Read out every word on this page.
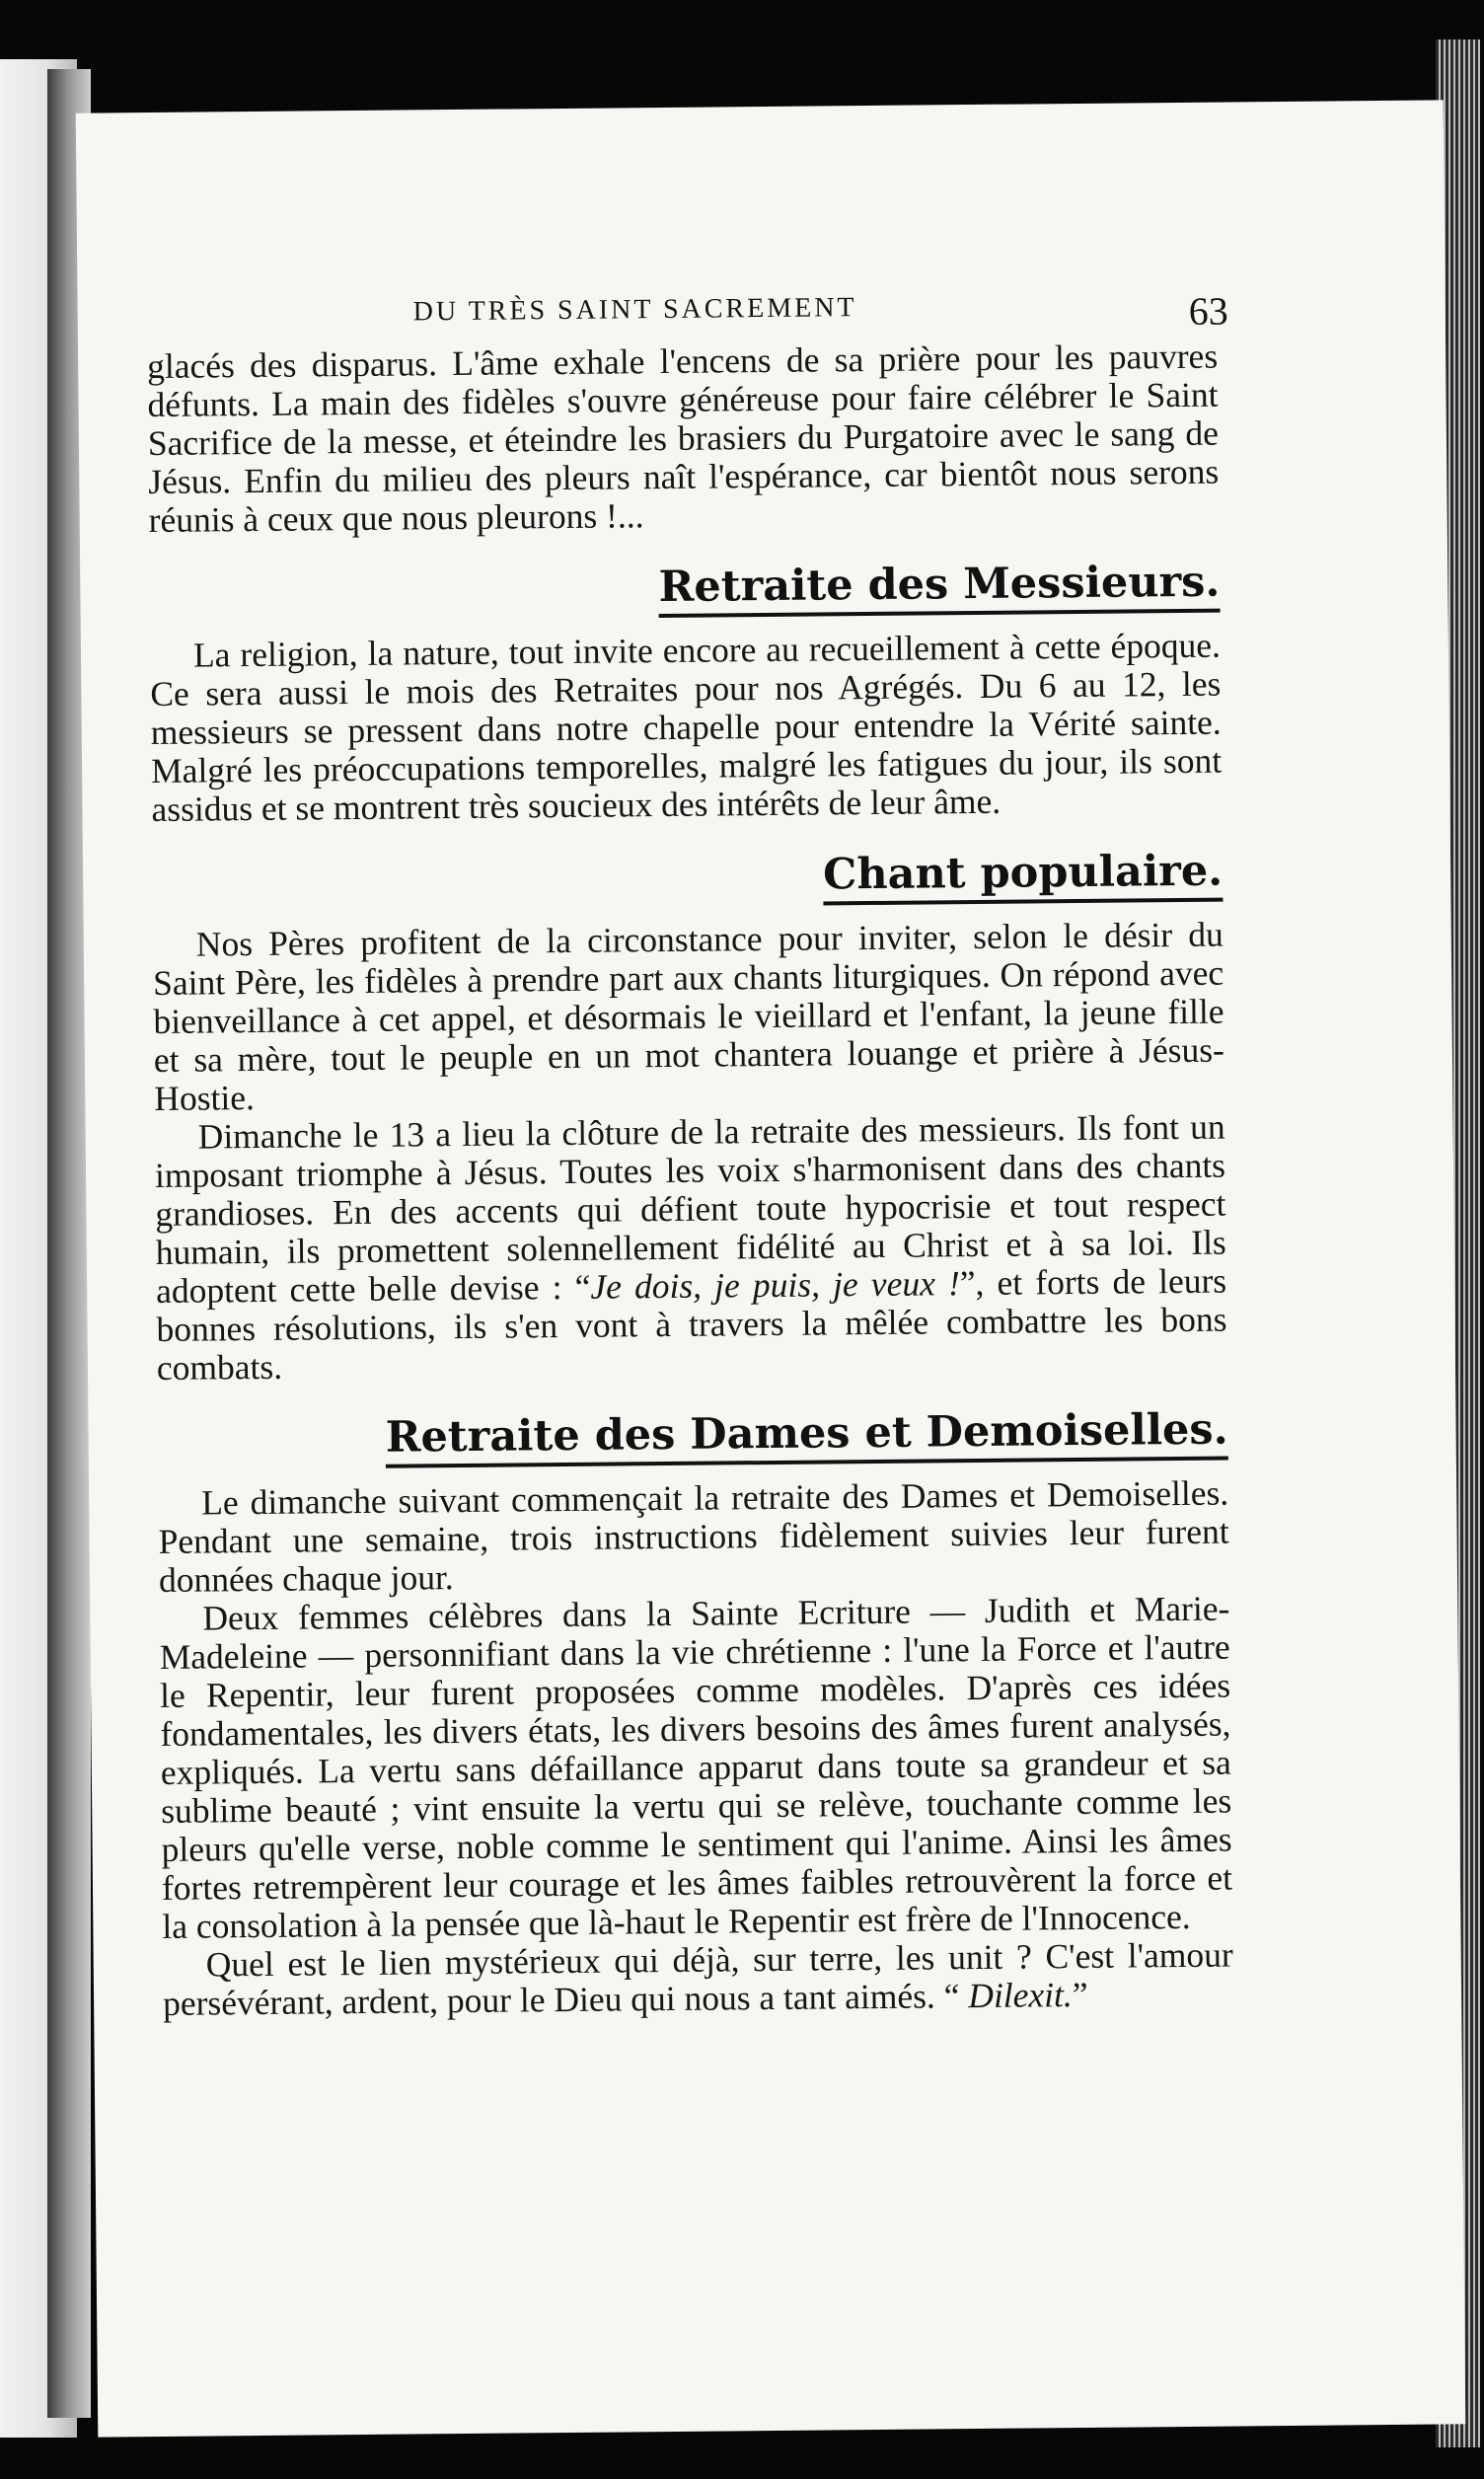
DU TRÈS SAINT SACREMENT	63

glacés des disparus. L'âme exhale l'encens de sa prière pour les pauvres défunts. La main des fidèles s'ouvre généreuse pour faire célébrer le Saint Sacrifice de la messe, et éteindre les brasiers du Purgatoire avec le sang de Jésus. Enfin du milieu des pleurs naît l'espérance, car bientôt nous serons réunis à ceux que nous pleurons !...

Retraite des Messieurs.

La religion, la nature, tout invite encore au recueillement à cette époque. Ce sera aussi le mois des Retraites pour nos Agrégés. Du 6 au 12, les messieurs se pressent dans notre chapelle pour entendre la Vérité sainte. Malgré les préoccupations temporelles, malgré les fatigues du jour, ils sont assidus et se montrent très soucieux des intérêts de leur âme.

Chant populaire.

Nos Pères profitent de la circonstance pour inviter, selon le désir du Saint Père, les fidèles à prendre part aux chants liturgiques. On répond avec bienveillance à cet appel, et désormais le vieillard et l'enfant, la jeune fille et sa mère, tout le peuple en un mot chantera louange et prière à Jésus-Hostie.

Dimanche le 13 a lieu la clôture de la retraite des messieurs. Ils font un imposant triomphe à Jésus. Toutes les voix s'harmonisent dans des chants grandioses. En des accents qui défient toute hypocrisie et tout respect humain, ils promettent solennellement fidélité au Christ et à sa loi. Ils adoptent cette belle devise : “Je dois, je puis, je veux !”, et forts de leurs bonnes résolutions, ils s'en vont à travers la mêlée combattre les bons combats.

Retraite des Dames et Demoiselles.

Le dimanche suivant commençait la retraite des Dames et Demoiselles. Pendant une semaine, trois instructions fidèlement suivies leur furent données chaque jour.

Deux femmes célèbres dans la Sainte Ecriture — Judith et Marie-Madeleine — personnifiant dans la vie chrétienne : l'une la Force et l'autre le Repentir, leur furent proposées comme modèles. D'après ces idées fondamentales, les divers états, les divers besoins des âmes furent analysés, expliqués. La vertu sans défaillance apparut dans toute sa grandeur et sa sublime beauté ; vint ensuite la vertu qui se relève, touchante comme les pleurs qu'elle verse, noble comme le sentiment qui l'anime. Ainsi les âmes fortes retrempèrent leur courage et les âmes faibles retrouvèrent la force et la consolation à la pensée que là-haut le Repentir est frère de l'Innocence.

Quel est le lien mystérieux qui déjà, sur terre, les unit ? C'est l'amour persévérant, ardent, pour le Dieu qui nous a tant aimés. “ Dilexit.”
